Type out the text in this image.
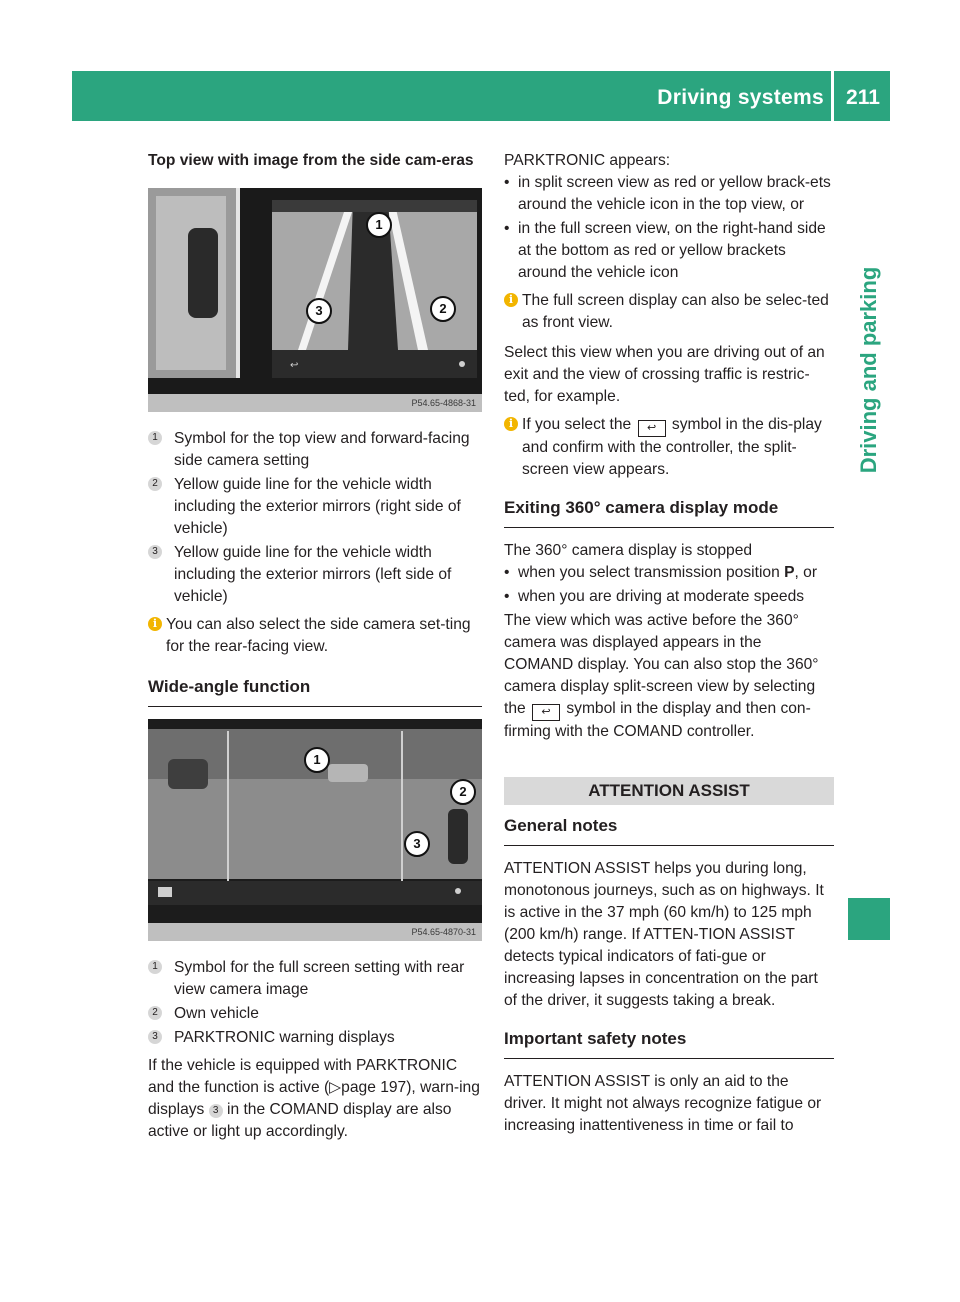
Driving systems 211
Driving and parking

Top view with image from the side cam-eras

↩
1
2
3
P54.65-4868-31
1 Symbol for the top view and forward-facing side camera setting
2 Yellow guide line for the vehicle width including the exterior mirrors (right side of vehicle)
3 Yellow guide line for the vehicle width including the exterior mirrors (left side of vehicle)
i You can also select the side camera set-ting for the rear-facing view.

Wide-angle function

1
2
3
P54.65-4870-31
1 Symbol for the full screen setting with rear view camera image
2 Own vehicle
3 PARKTRONIC warning displays

If the vehicle is equipped with PARKTRONIC and the function is active (▷page 197), warn-ing displays 3 in the COMAND display are also active or light up accordingly.

PARKTRONIC appears:

• in split screen view as red or yellow brack-ets around the vehicle icon in the top view, or
• in the full screen view, on the right-hand side at the bottom as red or yellow brackets around the vehicle icon
i The full screen display can also be selec-ted as front view.

Select this view when you are driving out of an exit and the view of crossing traffic is restric-ted, for example.

i If you select the ↩ symbol in the dis-play and confirm with the controller, the split-screen view appears.

Exiting 360° camera display mode

The 360° camera display is stopped

• when you select transmission position P, or
• when you are driving at moderate speeds

The view which was active before the 360° camera was displayed appears in the COMAND display. You can also stop the 360° camera display split-screen view by selecting the ↩ symbol in the display and then con-firming with the COMAND controller.

ATTENTION ASSIST

General notes

ATTENTION ASSIST helps you during long, monotonous journeys, such as on highways. It is active in the 37 mph (60 km/h) to 125 mph (200 km/h) range. If ATTEN-TION ASSIST detects typical indicators of fati-gue or increasing lapses in concentration on the part of the driver, it suggests taking a break.

Important safety notes

ATTENTION ASSIST is only an aid to the driver. It might not always recognize fatigue or increasing inattentiveness in time or fail to
